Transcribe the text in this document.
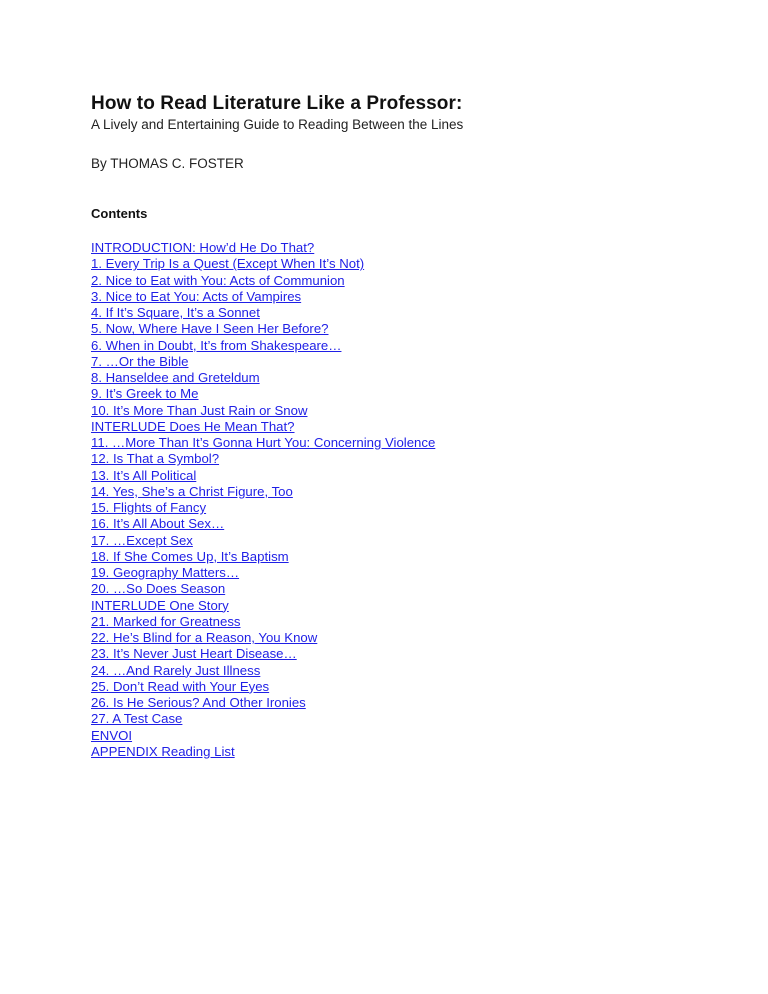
How to Read Literature Like a Professor:

A Lively and Entertaining Guide to Reading Between the Lines

By THOMAS C. FOSTER

Contents

INTRODUCTION: How’d He Do That?
1. Every Trip Is a Quest (Except When It’s Not)
2. Nice to Eat with You: Acts of Communion
3. Nice to Eat You: Acts of Vampires
4. If It’s Square, It’s a Sonnet
5. Now, Where Have I Seen Her Before?
6. When in Doubt, It’s from Shakespeare…
7. …Or the Bible
8. Hanseldee and Greteldum
9. It’s Greek to Me
10. It’s More Than Just Rain or Snow
INTERLUDE Does He Mean That?
11. …More Than It’s Gonna Hurt You: Concerning Violence
12. Is That a Symbol?
13. It’s All Political
14. Yes, She’s a Christ Figure, Too
15. Flights of Fancy
16. It’s All About Sex…
17. …Except Sex
18. If She Comes Up, It’s Baptism
19. Geography Matters…
20. …So Does Season
INTERLUDE One Story
21. Marked for Greatness
22. He’s Blind for a Reason, You Know
23. It’s Never Just Heart Disease…
24. …And Rarely Just Illness
25. Don’t Read with Your Eyes
26. Is He Serious? And Other Ironies
27. A Test Case
ENVOI
APPENDIX Reading List
